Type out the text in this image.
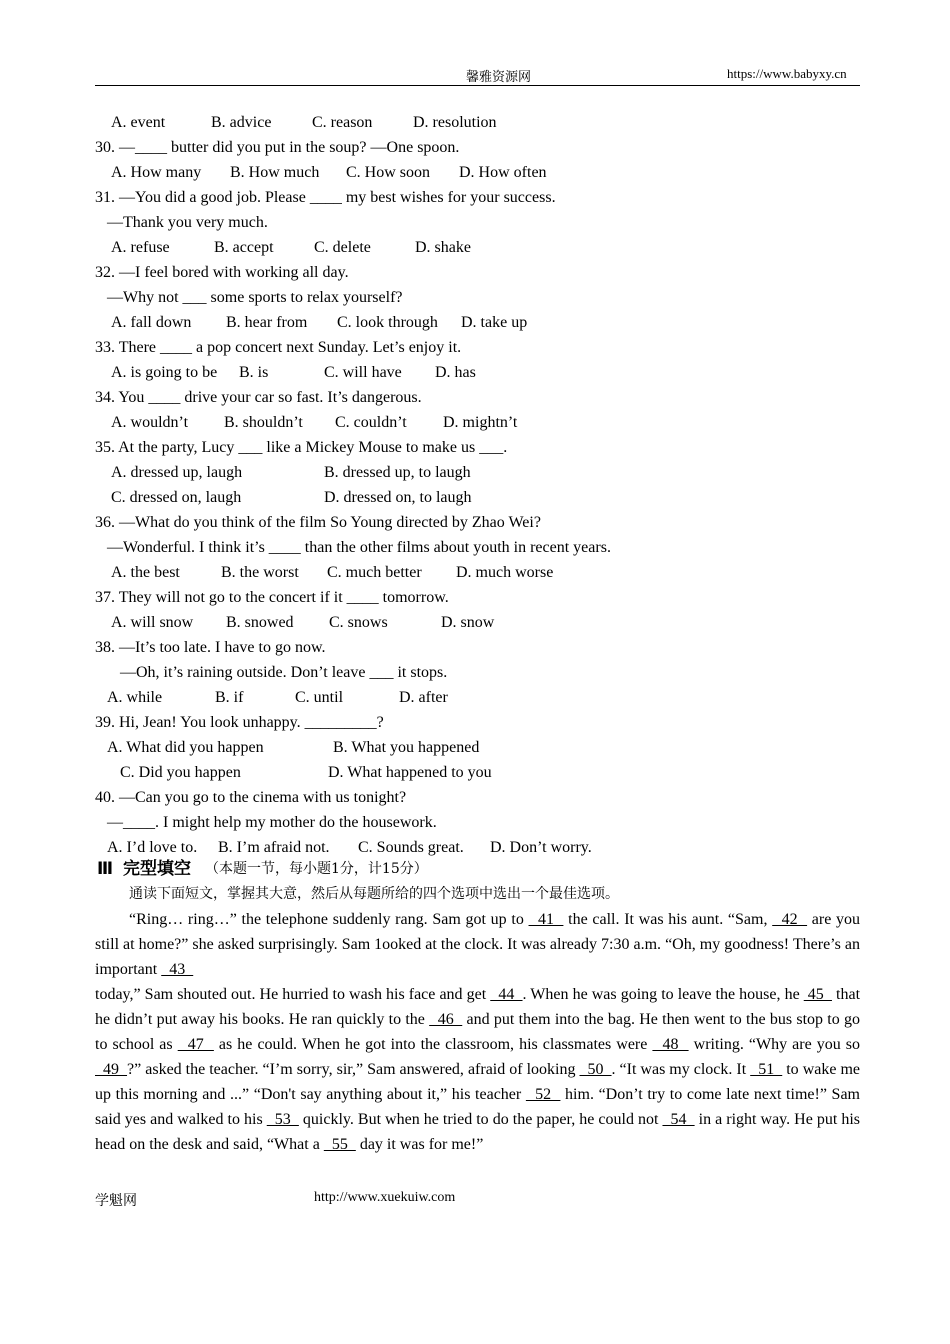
馨雅资源网	https://www.babyxy.cn
A. event	B. advice	C. reason	D. resolution
30. —____ butter did you put in the soup? —One spoon.
A. How many B. How much C. How soon D. How often
31. —You did a good job. Please ____ my best wishes for your success.
—Thank you very much.
A. refuse	B. accept	C. delete	D. shake
32. —I feel bored with working all day.
—Why not ___ some sports to relax yourself?
A. fall down B. hear from C. look through D. take up
33. There ____ a pop concert next Sunday. Let’s enjoy it.
A. is going to be B. is	C. will have D. has
34. You ____ drive your car so fast. It’s dangerous.
A. wouldn’t B. shouldn’t C. couldn’t D. mightn’t
35. At the party, Lucy ___ like a Mickey Mouse to make us ___.
A. dressed up, laugh	B. dressed up, to laugh
C. dressed on, laugh	D. dressed on, to laugh
36. —What do you think of the film So Young directed by Zhao Wei?
—Wonderful. I think it’s ____ than the other films about youth in recent years.
A. the best	B. the worst C. much better D. much worse
37. They will not go to the concert if it ____ tomorrow.
A. will snow B. snowed C. snows	D. snow
38. —It’s too late. I have to go now.
—Oh, it’s raining outside. Don’t leave ___ it stops.
A. while	B. if	C. until	D. after
39. Hi, Jean! You look unhappy. _________?
A. What did you happen	B. What you happened
C. Did you happen	D. What happened to you
40. —Can you go to the cinema with us tonight?
—____. I might help my mother do the housework.
A. I’d love to. B. I’m afraid not. C. Sounds great. D. Don’t worry.
Ⅲ 完型填空 （本题一节，每小题1分，计15分）
通读下面短文，掌握其大意，然后从每题所给的四个选项中选出一个最佳选项。

“Ring… ring…” the telephone suddenly rang. Sam got up to   41   the call. It was his aunt. “Sam,   42   are you still at home?” she asked surprisingly. Sam 1ooked at the clock. It was already 7:30 a.m. “Oh, my goodness! There’s an important   43

today,” Sam shouted out. He hurried to wash his face and get   44  . When he was going to leave the house, he  45   that he didn’t put away his books. He ran quickly to the   46   and put them into the bag. He then went to the bus stop to go to school as   47   as he could. When he got into the classroom, his classmates were   48   writing. “Why are you so   49  ?” asked the teacher. “I’m sorry, sir,” Sam answered, afraid of looking   50  . “It was my clock. It   51   to wake me up this morning and ...” “Don't say anything about it,” his teacher   52   him. “Don’t try to come late next time!” Sam said yes and walked to his   53   quickly. But when he tried to do the paper, he could not   54   in a right way. He put his head on the desk and said, “What a   55   day it was for me!”

学魁网	http://www.xuekuiw.com
